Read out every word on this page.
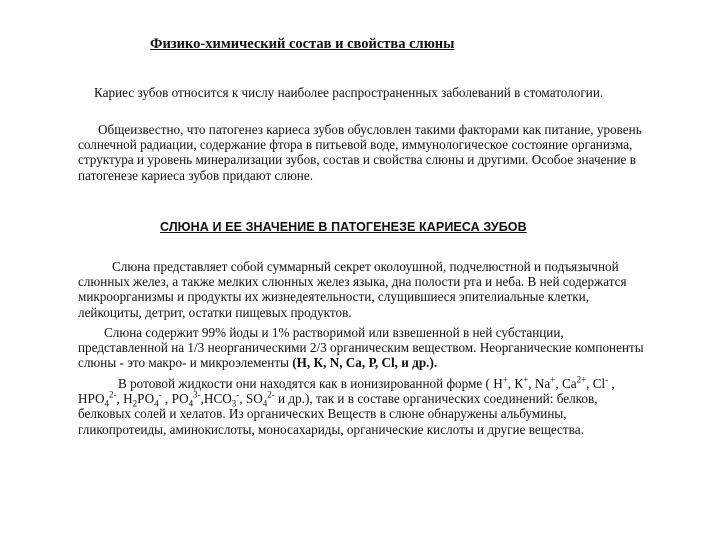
Физико-химический состав и свойства слюны

Кариес зубов относится к числу наиболее распространенных заболеваний в стоматологии.

Общеизвестно, что патогенез кариеса зубов обусловлен такими факторами как питание, уровень солнечной радиации, содержание фтора в питьевой воде, иммунологическое состояние организма, структура и уровень минерализации зубов, состав и свойства слюны и другими. Особое значение в патогенезе кариеса зубов придают слюне.

СЛЮНА И ЕЕ ЗНАЧЕНИЕ В ПАТОГЕНЕЗЕ КАРИЕСА ЗУБОВ

Слюна представляет собой суммарный секрет околоушной, подчелюстной и подъязычной слюнных желез, а также мелких слюнных желез языка, дна полости рта и неба. В ней содержатся микроорганизмы и продукты их жизнедеятельности, слущившиеся эпителиальные клетки, лейкоциты, детрит, остатки пищевых продуктов.

Слюна содержит 99% йоды и 1% растворимой или взвешенной в ней субстанции, представленной на 1/3 неорганическими 2/3 органическим веществом. Неорганические компоненты слюны - это макро- и микроэлементы (Н, К, N, Са, Р, Сl, и др.).

В ротовой жидкости они находятся как в ионизированной форме ( Н+, К+, Na+, $Са^{2+}$, Сl- , $НРО_4^{2-}$, $Н_2РО_4^-$ , $РО_4^{3-},НСО_3^-$, $SО_4^{2-}$ и др.), так и в составе органических соединений: белков, белковых солей и хелатов. Из органических Веществ в слюне обнаружены альбумины, гликопротеиды, аминокислоты, моносахариды, органические кислоты и другие вещества.
